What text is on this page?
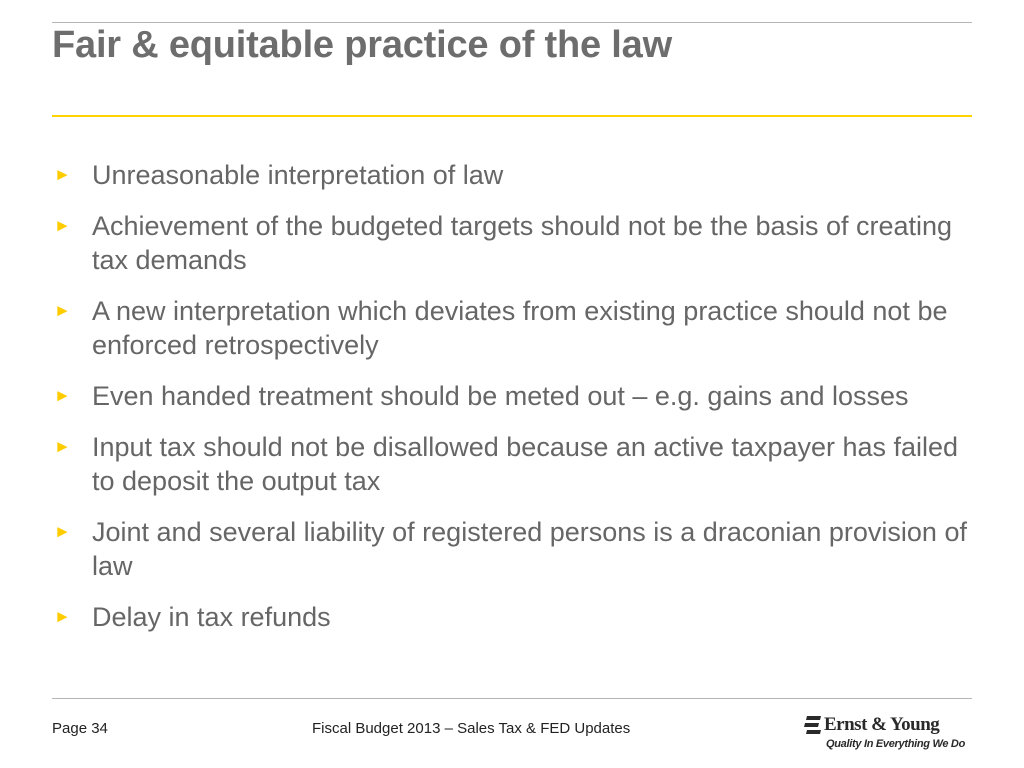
Fair & equitable practice of the law
► Unreasonable interpretation of law
► Achievement of the budgeted targets should not be the basis of creating tax demands
► A new interpretation which deviates from existing practice should not be enforced retrospectively
► Even handed treatment should be meted out – e.g. gains and losses
► Input tax should not be disallowed because an active taxpayer has failed to deposit the output tax
► Joint and several liability of registered persons is a draconian provision of law
► Delay in tax refunds
Page 34	Fiscal Budget 2013 – Sales Tax & FED Updates	Ernst & Young
Quality In Everything We Do
